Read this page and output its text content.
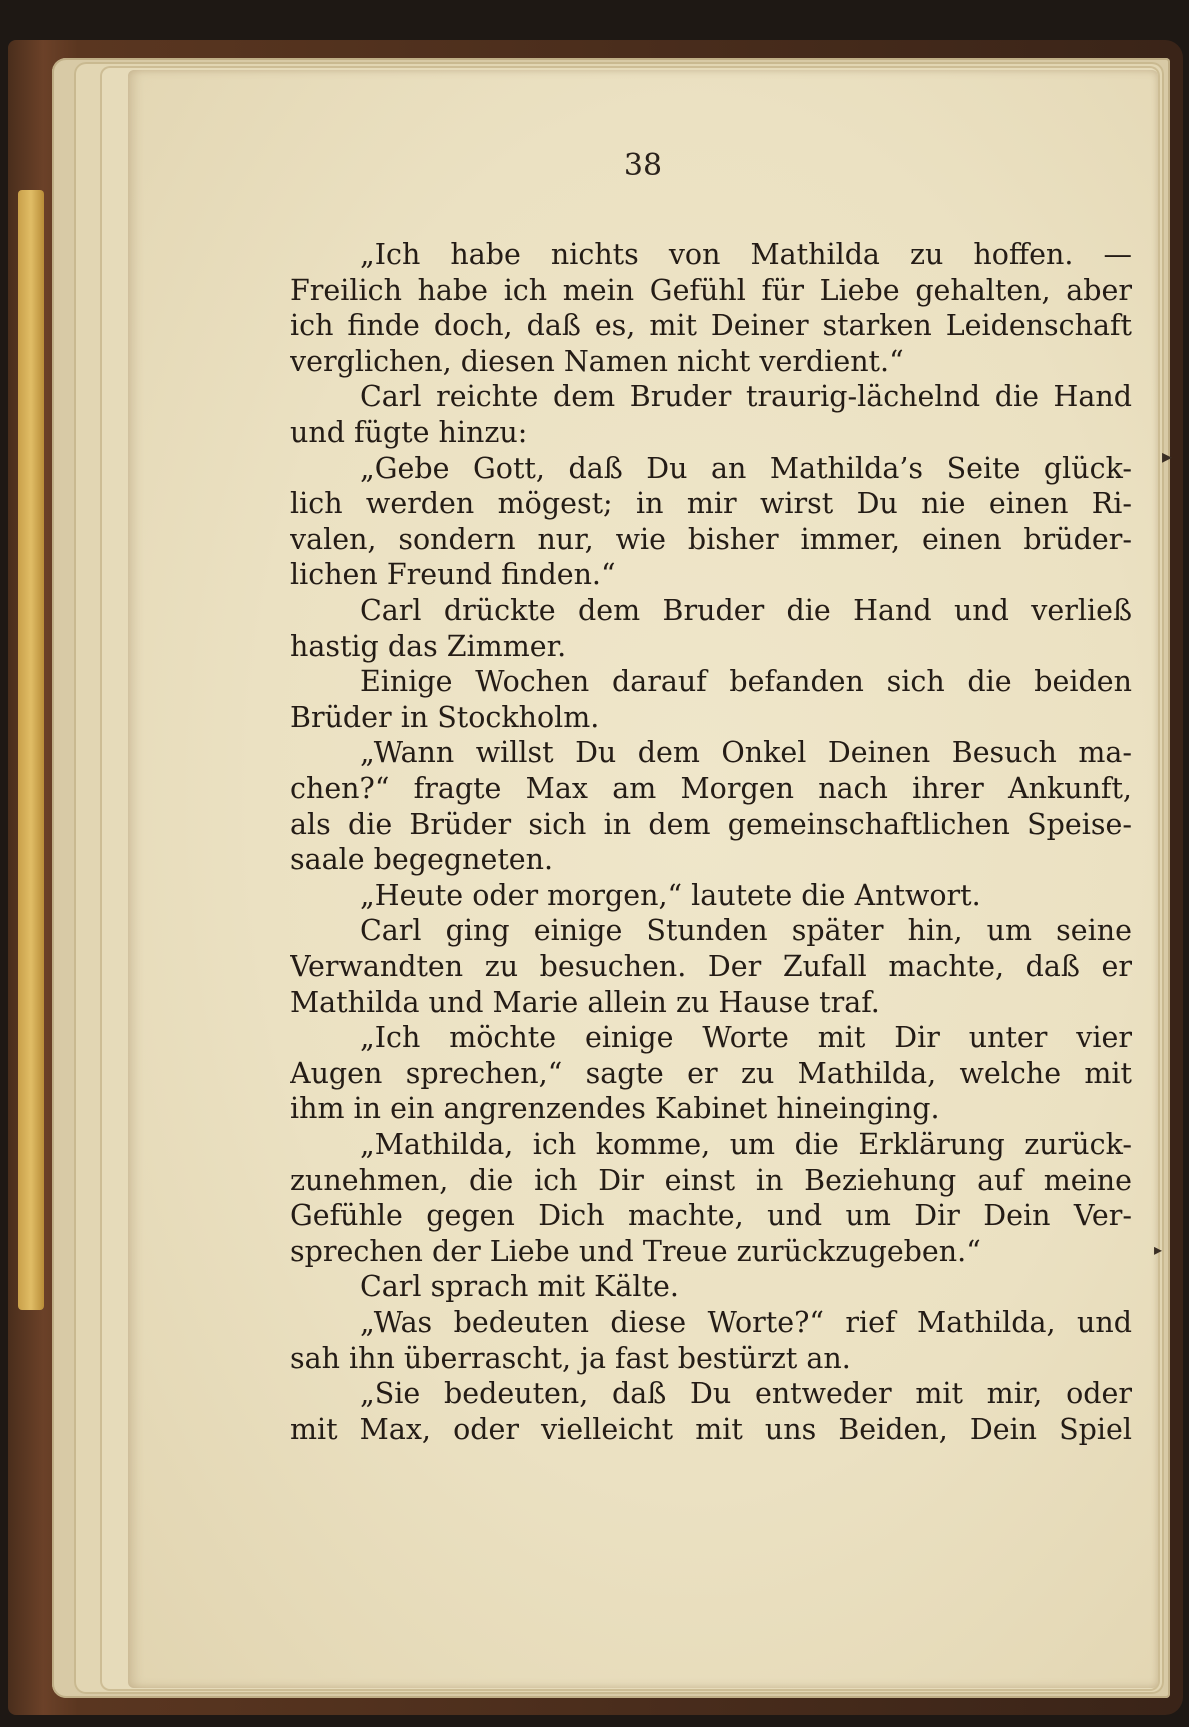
38
„Ich habe nichts von Mathilda zu hoffen. —
Freilich habe ich mein Gefühl für Liebe gehalten, aber
ich finde doch, daß es, mit Deiner starken Leidenschaft
verglichen, diesen Namen nicht verdient.“
Carl reichte dem Bruder traurig-lächelnd die Hand
und fügte hinzu:
„Gebe Gott, daß Du an Mathilda’s Seite glück-
lich werden mögest; in mir wirst Du nie einen Ri-
valen, sondern nur, wie bisher immer, einen brüder-
lichen Freund finden.“
Carl drückte dem Bruder die Hand und verließ
hastig das Zimmer.
Einige Wochen darauf befanden sich die beiden
Brüder in Stockholm.
„Wann willst Du dem Onkel Deinen Besuch ma-
chen?“ fragte Max am Morgen nach ihrer Ankunft,
als die Brüder sich in dem gemeinschaftlichen Speise-
saale begegneten.
„Heute oder morgen,“ lautete die Antwort.
Carl ging einige Stunden später hin, um seine
Verwandten zu besuchen. Der Zufall machte, daß er
Mathilda und Marie allein zu Hause traf.
„Ich möchte einige Worte mit Dir unter vier
Augen sprechen,“ sagte er zu Mathilda, welche mit
ihm in ein angrenzendes Kabinet hineinging.
„Mathilda, ich komme, um die Erklärung zurück-
zunehmen, die ich Dir einst in Beziehung auf meine
Gefühle gegen Dich machte, und um Dir Dein Ver-
sprechen der Liebe und Treue zurückzugeben.“
Carl sprach mit Kälte.
„Was bedeuten diese Worte?“ rief Mathilda, und
sah ihn überrascht, ja fast bestürzt an.
„Sie bedeuten, daß Du entweder mit mir, oder
mit Max, oder vielleicht mit uns Beiden, Dein Spiel
▸
▸
